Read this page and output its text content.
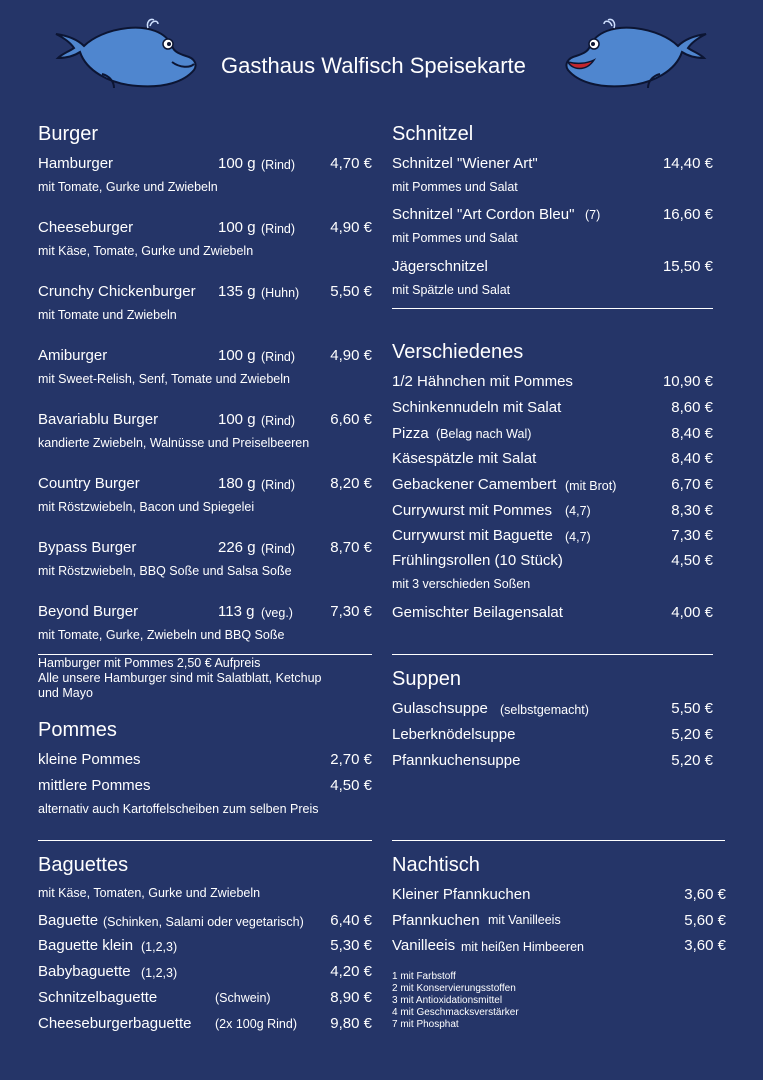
Gasthaus Walfisch Speisekarte
Burger
Hamburger	100 g (Rind) 4,70 €
mit Tomate, Gurke und Zwiebeln
Cheeseburger	100 g (Rind) 4,90 €
mit Käse, Tomate, Gurke und Zwiebeln
Crunchy Chickenburger 135 g (Huhn) 5,50 €
mit Tomate und Zwiebeln
Amiburger	100 g (Rind) 4,90 €
mit Sweet-Relish, Senf, Tomate und Zwiebeln
Bavariablu Burger	100 g (Rind) 6,60 €
kandierte Zwiebeln, Walnüsse und Preiselbeeren
Country Burger	180 g (Rind) 8,20 €
mit Röstzwiebeln, Bacon und Spiegelei
Bypass Burger	226 g (Rind) 8,70 €
mit Röstzwiebeln, BBQ Soße und Salsa Soße
Beyond Burger	113 g (veg.) 7,30 €
mit Tomate, Gurke, Zwiebeln und BBQ Soße
Hamburger mit Pommes 2,50 € Aufpreis
Alle unsere Hamburger sind mit Salatblatt, Ketchup und Mayo
Pommes
kleine Pommes	2,70 €
mittlere Pommes	4,50 €
alternativ auch Kartoffelscheiben zum selben Preis
Baguettes
mit Käse, Tomaten, Gurke und Zwiebeln
Baguette (Schinken, Salami oder vegetarisch) 6,40 €
Baguette klein (1,2,3)	5,30 €
Babybaguette (1,2,3)	4,20 €
Schnitzelbaguette	(Schwein)	8,90 €
Cheeseburgerbaguette (2x 100g Rind) 9,80 €
Schnitzel
Schnitzel "Wiener Art"	14,40 €
mit Pommes und Salat
Schnitzel "Art Cordon Bleu" (7)	16,60 €
mit Pommes und Salat
Jägerschnitzel	15,50 €
mit Spätzle und Salat
Verschiedenes
1/2 Hähnchen mit Pommes	10,90 €
Schinkennudeln mit Salat	8,60 €
Pizza (Belag nach Wal)	8,40 €
Käsespätzle mit Salat	8,40 €
Gebackener Camembert (mit Brot)	6,70 €
Currywurst mit Pommes (4,7)	8,30 €
Currywurst mit Baguette (4,7)	7,30 €
Frühlingsrollen (10 Stück)	4,50 €
mit 3 verschieden Soßen
Gemischter Beilagensalat	4,00 €
Suppen
Gulaschsuppe (selbstgemacht)	5,50 €
Leberknödelsuppe	5,20 €
Pfannkuchensuppe	5,20 €
Nachtisch
Kleiner Pfannkuchen	3,60 €
Pfannkuchen mit Vanilleeis	5,60 €
Vanilleeis mit heißen Himbeeren	3,60 €
1 mit Farbstoff
2 mit Konservierungsstoffen
3 mit Antioxidationsmittel
4 mit Geschmacksverstärker
7 mit Phosphat
